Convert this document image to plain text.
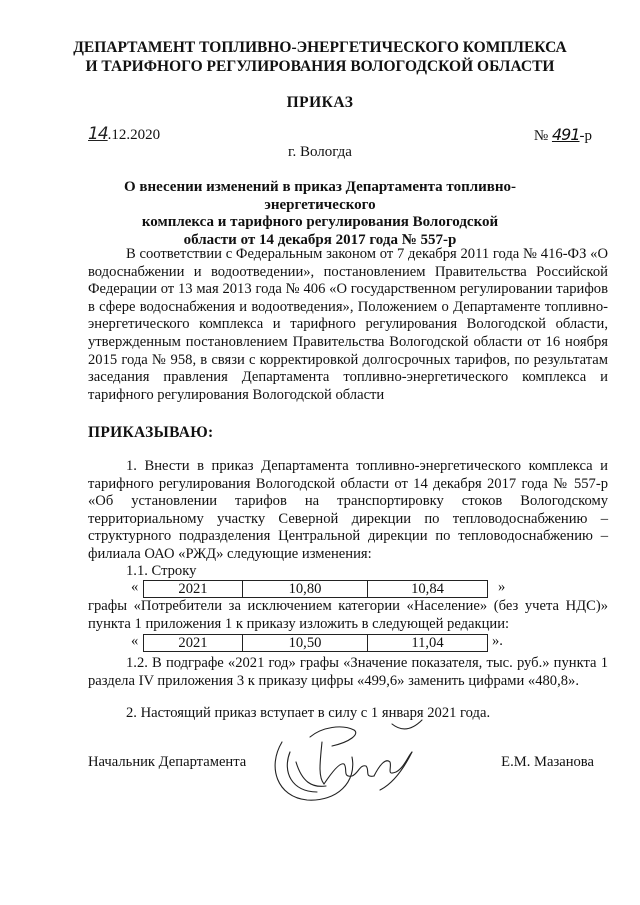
ДЕПАРТАМЕНТ ТОПЛИВНО-ЭНЕРГЕТИЧЕСКОГО КОМПЛЕКСА
И ТАРИФНОГО РЕГУЛИРОВАНИЯ ВОЛОГОДСКОЙ ОБЛАСТИ
ПРИКАЗ
14.12.2020	№ 491-р
г. Вологда
О внесении изменений в приказ Департамента топливно-энергетического
комплекса и тарифного регулирования Вологодской
области от 14 декабря 2017 года № 557-р

В соответствии с Федеральным законом от 7 декабря 2011 года № 416-ФЗ «О водоснабжении и водоотведении», постановлением Правительства Российской Федерации от 13 мая 2013 года № 406 «О государственном регулировании тарифов в сфере водоснабжения и водоотведения», Положением о Департаменте топливно-энергетического комплекса и тарифного регулирования Вологодской области, утвержденным постановлением Правительства Вологодской области от 16 ноября 2015 года № 958, в связи с корректировкой долгосрочных тарифов, по результатам заседания правления Департамента топливно-энергетического комплекса и тарифного регулирования Вологодской области

ПРИКАЗЫВАЮ:

1. Внести в приказ Департамента топливно-энергетического комплекса и тарифного регулирования Вологодской области от 14 декабря 2017 года № 557-р «Об установлении тарифов на транспортировку стоков Вологодскому территориальному участку Северной дирекции по тепловодоснабжению – структурного подразделения Центральной дирекции по тепловодоснабжению – филиала ОАО «РЖД» следующие изменения:

1.1. Строку

«	2021	10,80	10,84	»

графы «Потребители за исключением категории «Население» (без учета НДС)» пункта 1 приложения 1 к приказу изложить в следующей редакции:

«	2021	10,50	11,04	».

1.2. В подграфе «2021 год» графы «Значение показателя, тыс. руб.» пункта 1 раздела IV приложения 3 к приказу цифры «499,6» заменить цифрами «480,8».

2. Настоящий приказ вступает в силу с 1 января 2021 года.

Начальник Департамента	Е.М. Мазанова
